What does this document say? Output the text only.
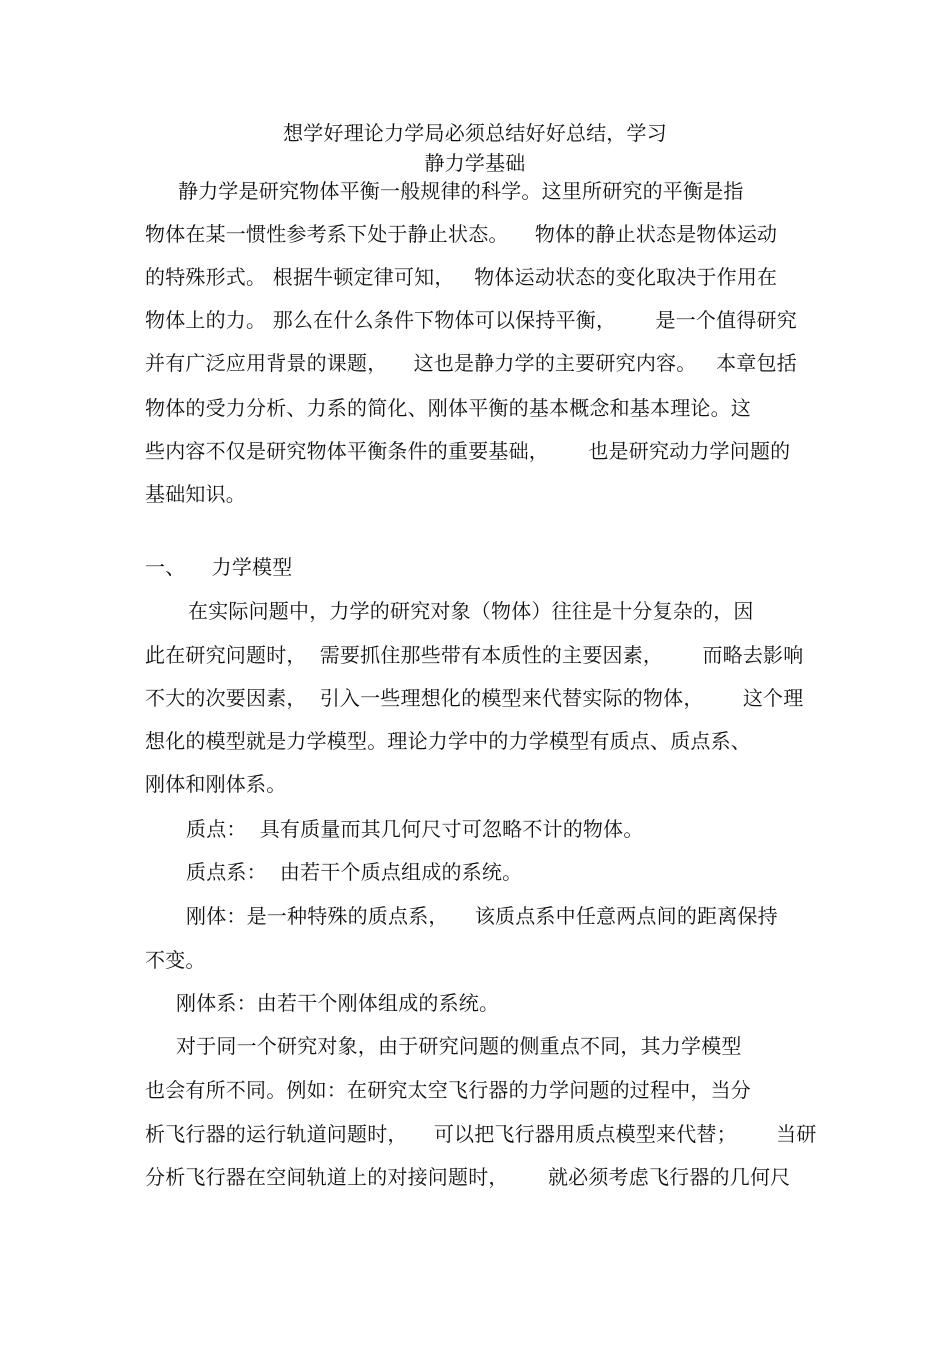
想学好理论力学局必须总结好好总结，学习
静力学基础
静力学是研究物体平衡一般规律的科学。这里所研究的平衡是指
物体在某一惯性参考系下处于静止状态。    物体的静止状态是物体运动
的特殊形式。 根据牛顿定律可知，   物体运动状态的变化取决于作用在
物体上的力。 那么在什么条件下物体可以保持平衡，      是一个值得研究
并有广泛应用背景的课题，    这也是静力学的主要研究内容。   本章包括
物体的受力分析、力系的简化、刚体平衡的基本概念和基本理论。这
些内容不仅是研究物体平衡条件的重要基础，      也是研究动力学问题的
基础知识。
一、    力学模型
在实际问题中，力学的研究对象（物体）往往是十分复杂的，因
此在研究问题时，  需要抓住那些带有本质性的主要因素，      而略去影响
不大的次要因素，  引入一些理想化的模型来代替实际的物体，      这个理
想化的模型就是力学模型。理论力学中的力学模型有质点、质点系、
刚体和刚体系。
质点：  具有质量而其几何尺寸可忽略不计的物体。
质点系：  由若干个质点组成的系统。
刚体：是一种特殊的质点系，    该质点系中任意两点间的距离保持
不变。
刚体系：由若干个刚体组成的系统。
对于同一个研究对象，由于研究问题的侧重点不同，其力学模型
也会有所不同。例如：在研究太空飞行器的力学问题的过程中，当分
析飞行器的运行轨道问题时，    可以把飞行器用质点模型来代替；      当研
分析飞行器在空间轨道上的对接问题时，      就必须考虑飞行器的几何尺
